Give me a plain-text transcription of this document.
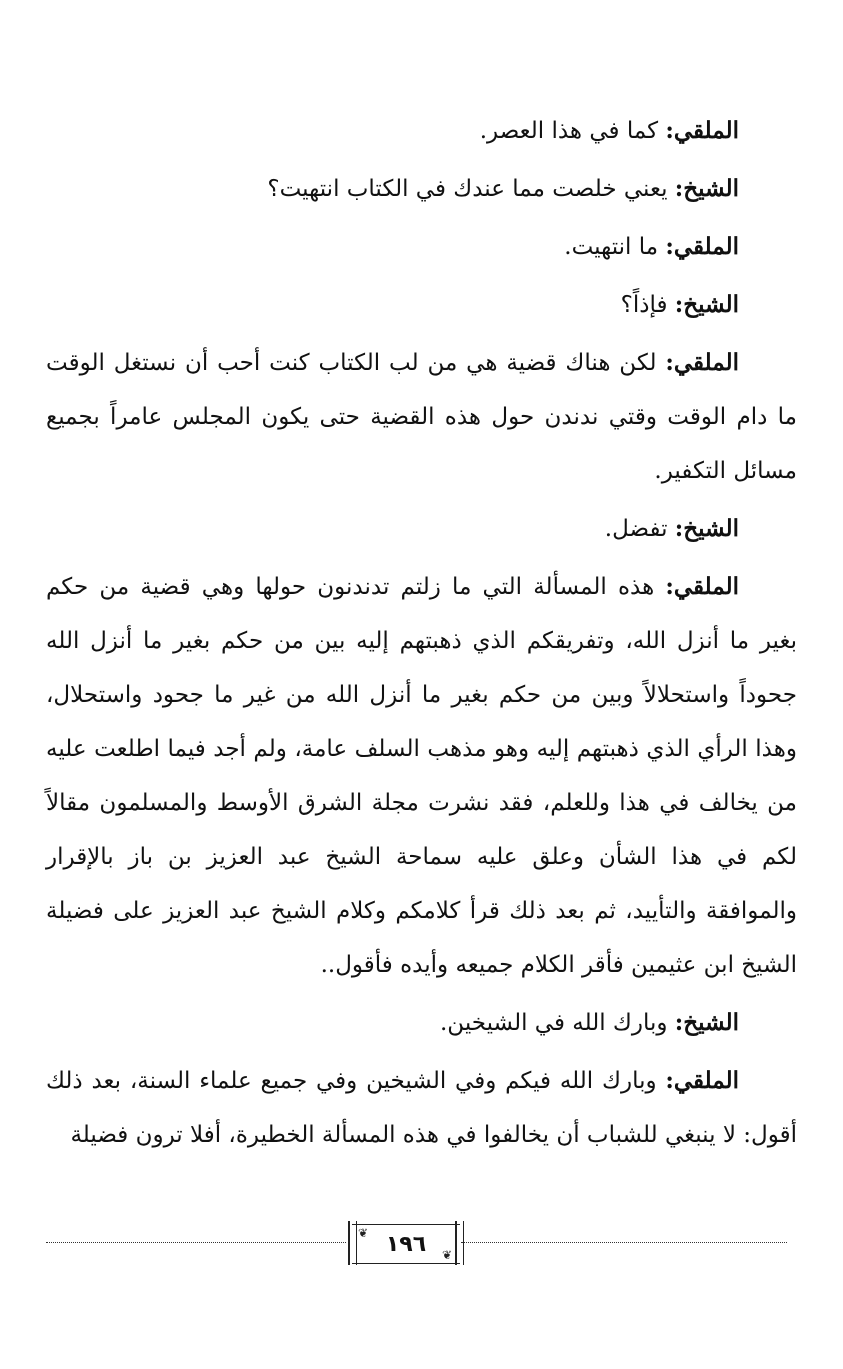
الملقي: كما في هذا العصر.

الشيخ: يعني خلصت مما عندك في الكتاب انتهيت؟

الملقي: ما انتهيت.

الشيخ: فإذاً؟

الملقي: لكن هناك قضية هي من لب الكتاب كنت أحب أن نستغل الوقت ما دام الوقت وقتي ندندن حول هذه القضية حتى يكون المجلس عامراً بجميع مسائل التكفير.

الشيخ: تفضل.

الملقي: هذه المسألة التي ما زلتم تدندنون حولها وهي قضية من حكم بغير ما أنزل الله، وتفريقكم الذي ذهبتهم إليه بين من حكم بغير ما أنزل الله جحوداً واستحلالاً وبين من حكم بغير ما أنزل الله من غير ما جحود واستحلال، وهذا الرأي الذي ذهبتهم إليه وهو مذهب السلف عامة، ولم أجد فيما اطلعت عليه من يخالف في هذا وللعلم، فقد نشرت مجلة الشرق الأوسط والمسلمون مقالاً لكم في هذا الشأن وعلق عليه سماحة الشيخ عبد العزيز بن باز بالإقرار والموافقة والتأييد، ثم بعد ذلك قرأ كلامكم وكلام الشيخ عبد العزيز على فضيلة الشيخ ابن عثيمين فأقر الكلام جميعه وأيده فأقول..

الشيخ: وبارك الله في الشيخين.

الملقي: وبارك الله فيكم وفي الشيخين وفي جميع علماء السنة، بعد ذلك أقول: لا ينبغي للشباب أن يخالفوا في هذه المسألة الخطيرة، أفلا ترون فضيلة

❦ ١٩٦ ❦
